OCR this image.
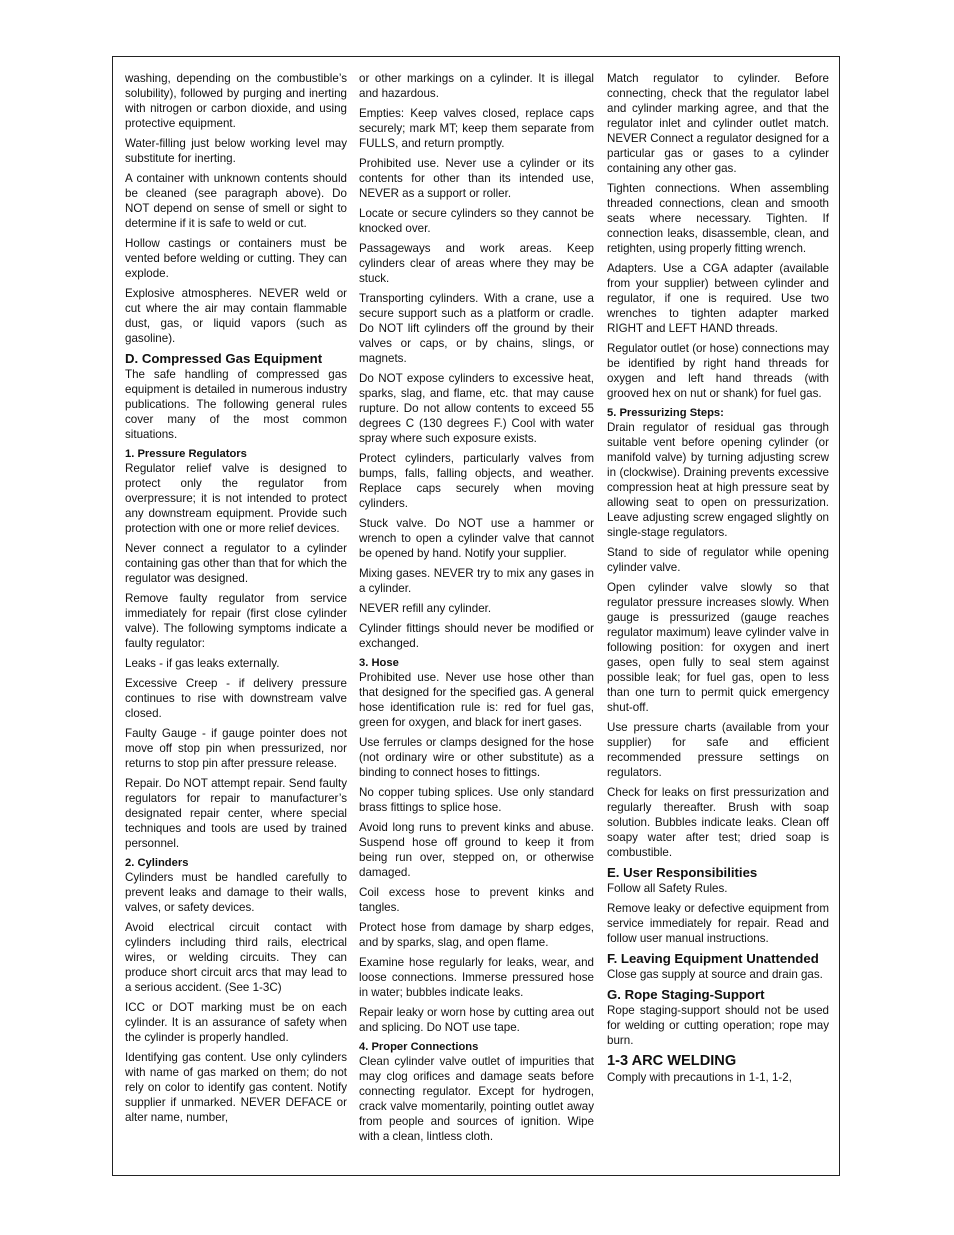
washing, depending on the combustible’s solubility), followed by purging and inerting with nitrogen or carbon dioxide, and using protective equipment.

Water-filling just below working level may substitute for inerting.

A container with unknown contents should be cleaned (see paragraph above). Do NOT depend on sense of smell or sight to determine if it is safe to weld or cut.

Hollow castings or containers must be vented before welding or cutting. They can explode.

Explosive atmospheres. NEVER weld or cut where the air may contain flammable dust, gas, or liquid vapors (such as gasoline).

D. Compressed Gas Equipment

The safe handling of compressed gas equipment is detailed in numerous industry publications. The following general rules cover many of the most common situations.

1. Pressure Regulators

Regulator relief valve is designed to protect only the regulator from overpressure; it is not intended to protect any downstream equipment. Provide such protection with one or more relief devices.

Never connect a regulator to a cylinder containing gas other than that for which the regulator was designed.

Remove faulty regulator from service immediately for repair (first close cylinder valve). The following symptoms indicate a faulty regulator:

Leaks - if gas leaks externally.

Excessive Creep - if delivery pressure continues to rise with downstream valve closed.

Faulty Gauge - if gauge pointer does not move off stop pin when pressurized, nor returns to stop pin after pressure release.

Repair. Do NOT attempt repair. Send faulty regulators for repair to manufacturer’s designated repair center, where special techniques and tools are used by trained personnel.

2. Cylinders

Cylinders must be handled carefully to prevent leaks and damage to their walls, valves, or safety devices.

Avoid electrical circuit contact with cylinders including third rails, electrical wires, or welding circuits. They can produce short circuit arcs that may lead to a serious accident. (See 1-3C)

ICC or DOT marking must be on each cylinder. It is an assurance of safety when the cylinder is properly handled.

Identifying gas content. Use only cylinders with name of gas marked on them; do not rely on color to identify gas content. Notify supplier if unmarked. NEVER DEFACE or alter name, number,

or other markings on a cylinder. It is illegal and hazardous.

Empties: Keep valves closed, replace caps securely; mark MT; keep them separate from FULLS, and return promptly.

Prohibited use. Never use a cylinder or its contents for other than its intended use, NEVER as a support or roller.

Locate or secure cylinders so they cannot be knocked over.

Passageways and work areas. Keep cylinders clear of areas where they may be stuck.

Transporting cylinders. With a crane, use a secure support such as a platform or cradle. Do NOT lift cylinders off the ground by their valves or caps, or by chains, slings, or magnets.

Do NOT expose cylinders to excessive heat, sparks, slag, and flame, etc. that may cause rupture. Do not allow contents to exceed 55 degrees C (130 degrees F.) Cool with water spray where such exposure exists.

Protect cylinders, particularly valves from bumps, falls, falling objects, and weather. Replace caps securely when moving cylinders.

Stuck valve. Do NOT use a hammer or wrench to open a cylinder valve that cannot be opened by hand. Notify your supplier.

Mixing gases. NEVER try to mix any gases in a cylinder.

NEVER refill any cylinder.

Cylinder fittings should never be modified or exchanged.

3. Hose

Prohibited use. Never use hose other than that designed for the specified gas. A general hose identification rule is: red for fuel gas, green for oxygen, and black for inert gases.

Use ferrules or clamps designed for the hose (not ordinary wire or other substitute) as a binding to connect hoses to fittings.

No copper tubing splices. Use only standard brass fittings to splice hose.

Avoid long runs to prevent kinks and abuse. Suspend hose off ground to keep it from being run over, stepped on, or otherwise damaged.

Coil excess hose to prevent kinks and tangles.

Protect hose from damage by sharp edges, and by sparks, slag, and open flame.

Examine hose regularly for leaks, wear, and loose connections. Immerse pressured hose in water; bubbles indicate leaks.

Repair leaky or worn hose by cutting area out and splicing. Do NOT use tape.

4. Proper Connections

Clean cylinder valve outlet of impurities that may clog orifices and damage seats before connecting regulator. Except for hydrogen, crack valve momentarily, pointing outlet away from people and sources of ignition. Wipe with a clean, lintless cloth.

Match regulator to cylinder. Before connecting, check that the regulator label and cylinder marking agree, and that the regulator inlet and cylinder outlet match. NEVER Connect a regulator designed for a particular gas or gases to a cylinder containing any other gas.

Tighten connections. When assembling threaded connections, clean and smooth seats where necessary. Tighten. If connection leaks, disassemble, clean, and retighten, using properly fitting wrench.

Adapters. Use a CGA adapter (available from your supplier) between cylinder and regulator, if one is required. Use two wrenches to tighten adapter marked RIGHT and LEFT HAND threads.

Regulator outlet (or hose) connections may be identified by right hand threads for oxygen and left hand threads (with grooved hex on nut or shank) for fuel gas.

5. Pressurizing Steps:

Drain regulator of residual gas through suitable vent before opening cylinder (or manifold valve) by turning adjusting screw in (clockwise). Draining prevents excessive compression heat at high pressure seat by allowing seat to open on pressurization. Leave adjusting screw engaged slightly on single-stage regulators.

Stand to side of regulator while opening cylinder valve.

Open cylinder valve slowly so that regulator pressure increases slowly. When gauge is pressurized (gauge reaches regulator maximum) leave cylinder valve in following position: for oxygen and inert gases, open fully to seal stem against possible leak; for fuel gas, open to less than one turn to permit quick emergency shut-off.

Use pressure charts (available from your supplier) for safe and efficient recommended pressure settings on regulators.

Check for leaks on first pressurization and regularly thereafter. Brush with soap solution. Bubbles indicate leaks. Clean off soapy water after test; dried soap is combustible.

E. User Responsibilities

Follow all Safety Rules.

Remove leaky or defective equipment from service immediately for repair. Read and follow user manual instructions.

F. Leaving Equipment Unattended

Close gas supply at source and drain gas.

G. Rope Staging-Support

Rope staging-support should not be used for welding or cutting operation; rope may burn.

1-3 ARC WELDING

Comply with precautions in 1-1, 1-2,
